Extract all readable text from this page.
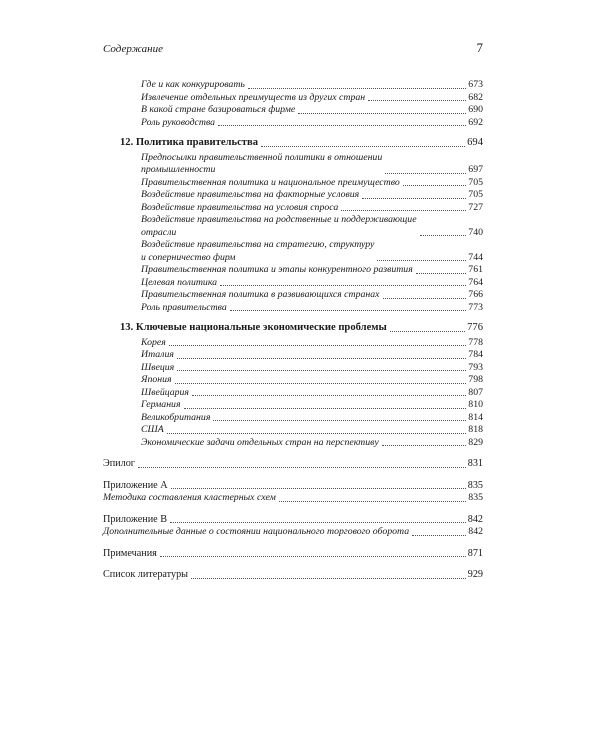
Содержание	7
Где и как конкурировать	673
Извлечение отдельных преимуществ из других стран	682
В какой стране базироваться фирме	690
Роль руководства	692
12. Политика правительства	694
Предпосылки правительственной политики в отношении
промышленности	697
Правительственная политика и национальное преимущество	705
Воздействие правительства на факторные условия	705
Воздействие правительства на условия спроса	727
Воздействие правительства на родственные и поддерживающие
отрасли	740
Воздействие правительства на стратегию, структуру
и соперничество фирм	744
Правительственная политика и этапы конкурентного развития	761
Целевая политика	764
Правительственная политика в развивающихся странах	766
Роль правительства	773
13. Ключевые национальные экономические проблемы	776
Корея	778
Италия	784
Швеция	793
Япония	798
Швейцария	807
Германия	810
Великобритания	814
США	818
Экономические задачи отдельных стран на перспективу	829
Эпилог	831
Приложение А	835
Методика составления кластерных схем	835
Приложение B	842
Дополнительные данные о состоянии национального торгового оборота	842
Примечания	871
Список литературы	929
